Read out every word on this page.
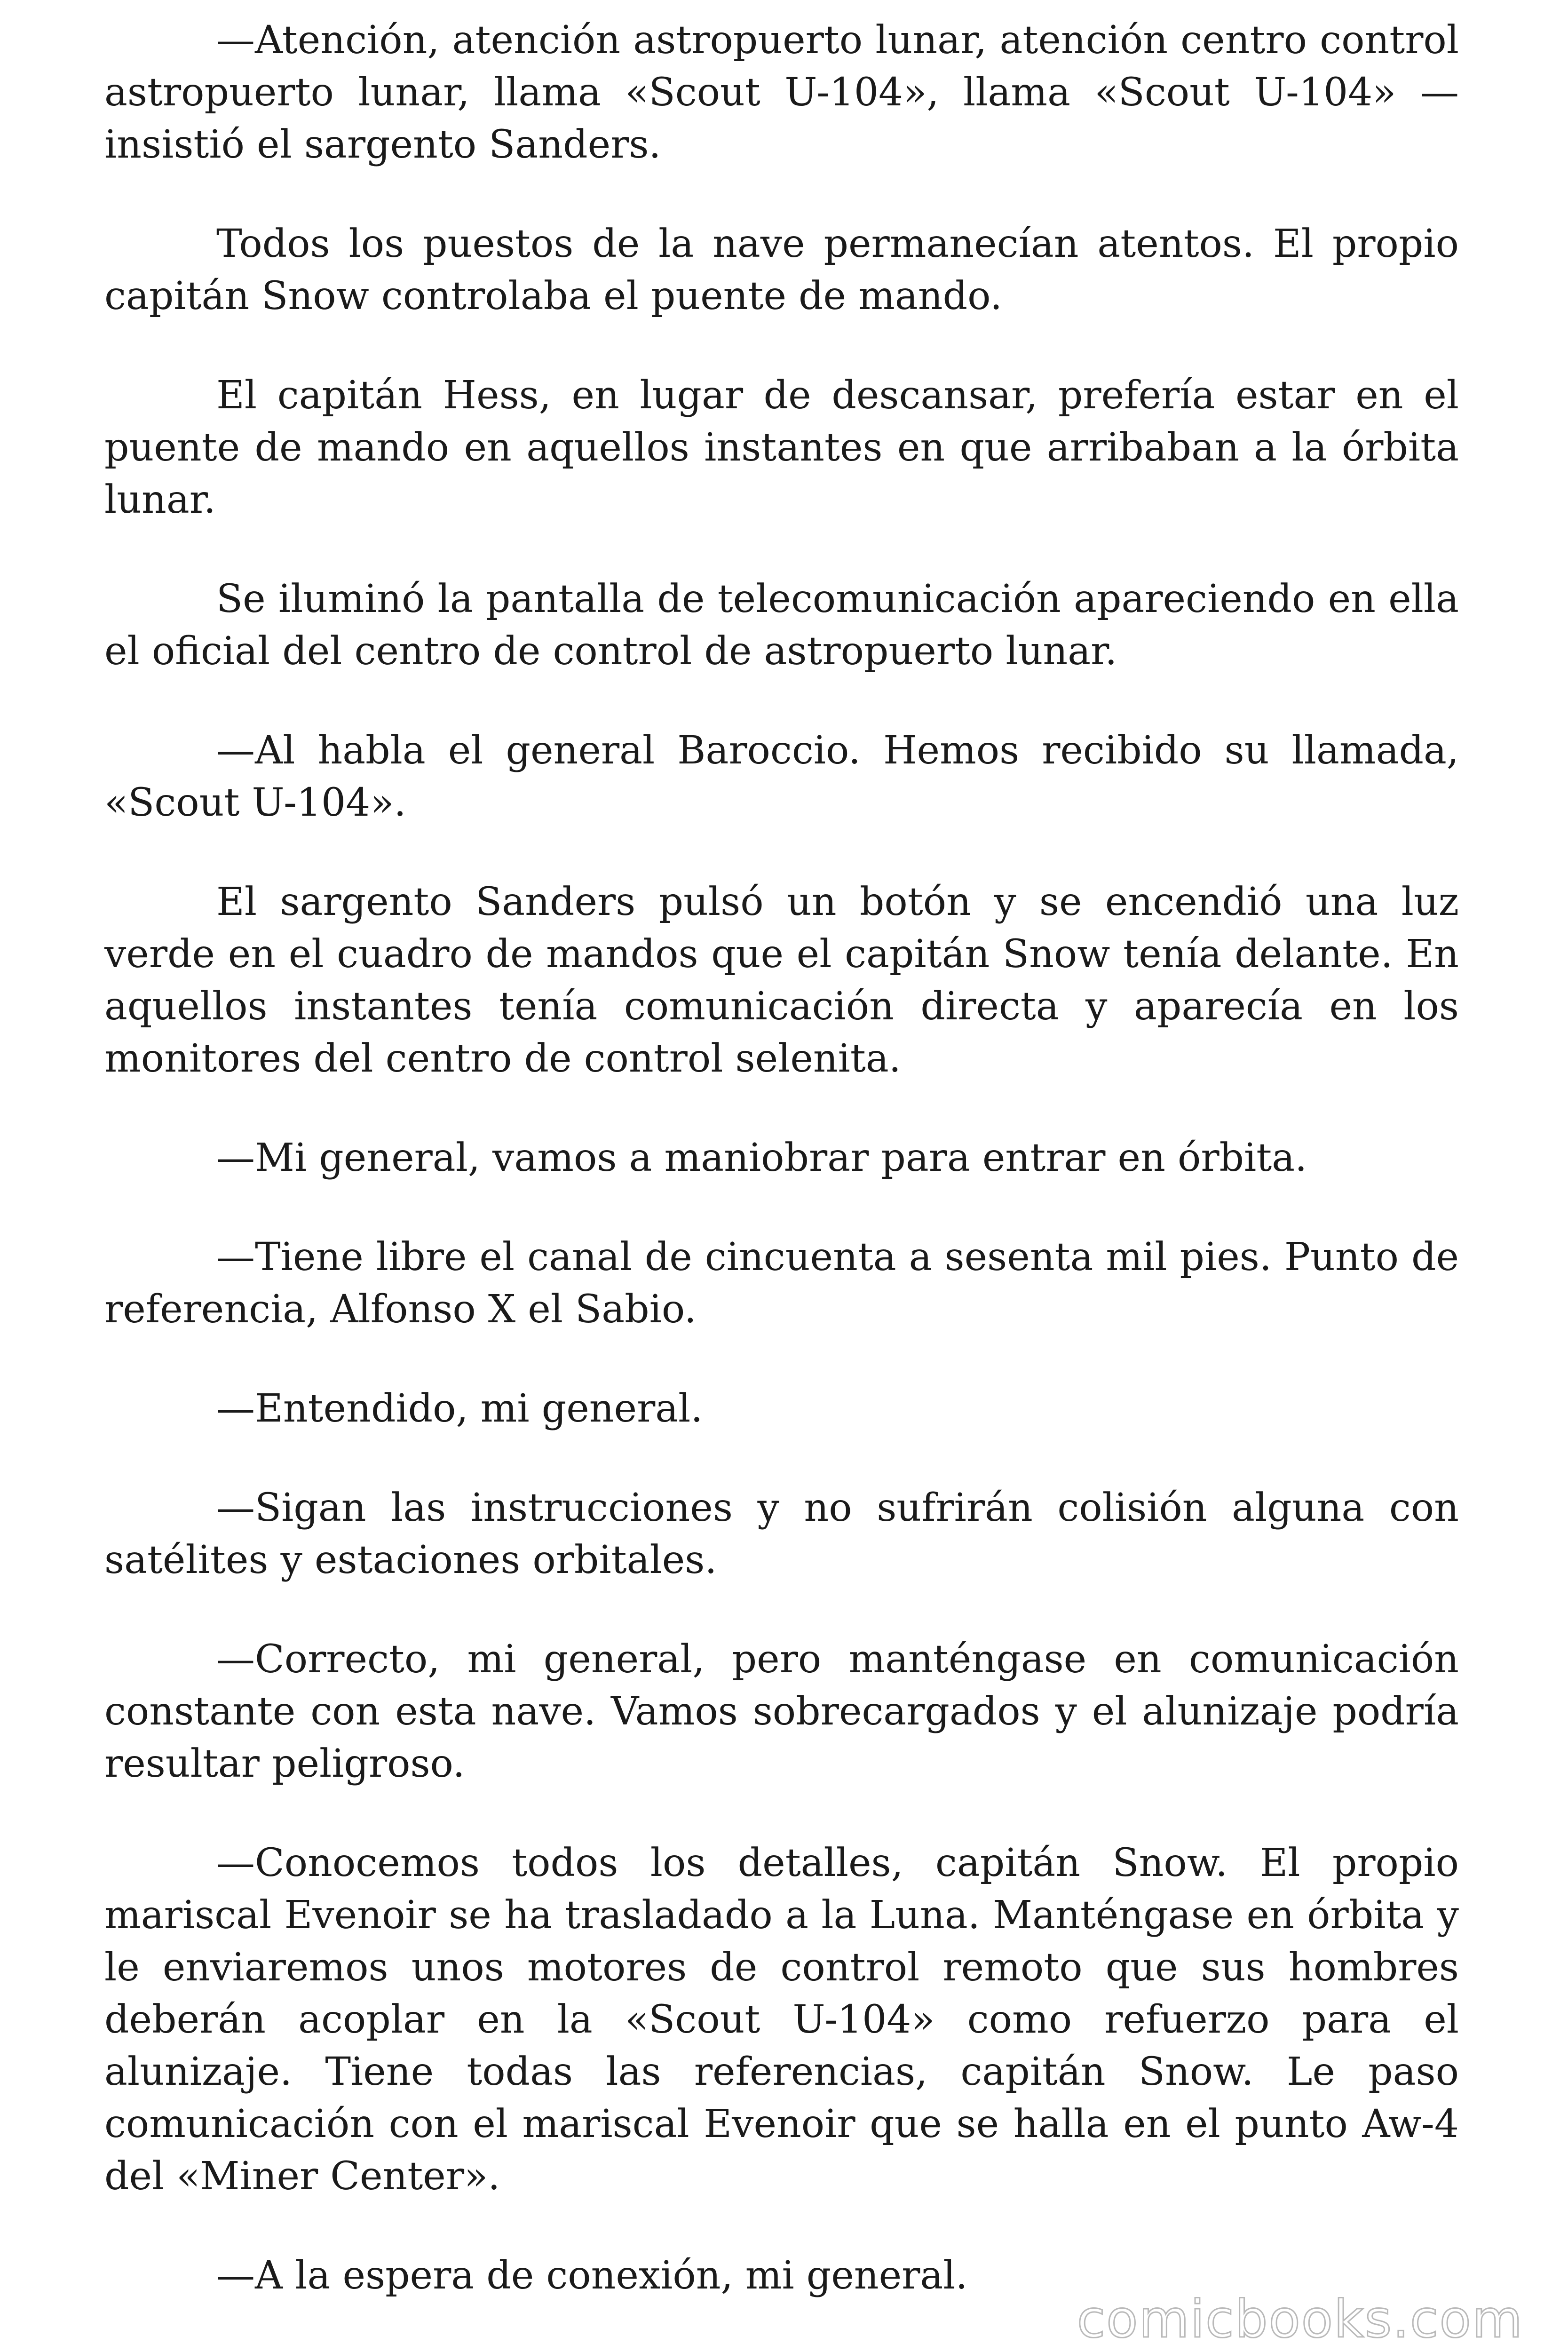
—Atención, atención astropuerto lunar, atención centro control astropuerto lunar, llama «Scout U-104», llama «Scout U-104» —insistió el sargento Sanders.

Todos los puestos de la nave permanecían atentos. El propio capitán Snow controlaba el puente de mando.

El capitán Hess, en lugar de descansar, prefería estar en el puente de mando en aquellos instantes en que arribaban a la órbita lunar.

Se iluminó la pantalla de telecomunicación apareciendo en ella el oficial del centro de control de astropuerto lunar.

—Al habla el general Baroccio. Hemos recibido su llamada, «Scout U-104».

El sargento Sanders pulsó un botón y se encendió una luz verde en el cuadro de mandos que el capitán Snow tenía delante. En aquellos instantes tenía comunicación directa y aparecía en los monitores del centro de control selenita.

—Mi general, vamos a maniobrar para entrar en órbita.

—Tiene libre el canal de cincuenta a sesenta mil pies. Punto de referencia, Alfonso X el Sabio.

—Entendido, mi general.

—Sigan las instrucciones y no sufrirán colisión alguna con satélites y estaciones orbitales.

—Correcto, mi general, pero manténgase en comunicación constante con esta nave. Vamos sobrecargados y el alunizaje podría resultar peligroso.

—Conocemos todos los detalles, capitán Snow. El propio mariscal Evenoir se ha trasladado a la Luna. Manténgase en órbita y le enviaremos unos motores de control remoto que sus hombres deberán acoplar en la «Scout U-104» como refuerzo para el alunizaje. Tiene todas las referencias, capitán Snow. Le paso comunicación con el mariscal Evenoir que se halla en el punto Aw-4 del «Miner Center».

—A la espera de conexión, mi general.

comicbooks.com
